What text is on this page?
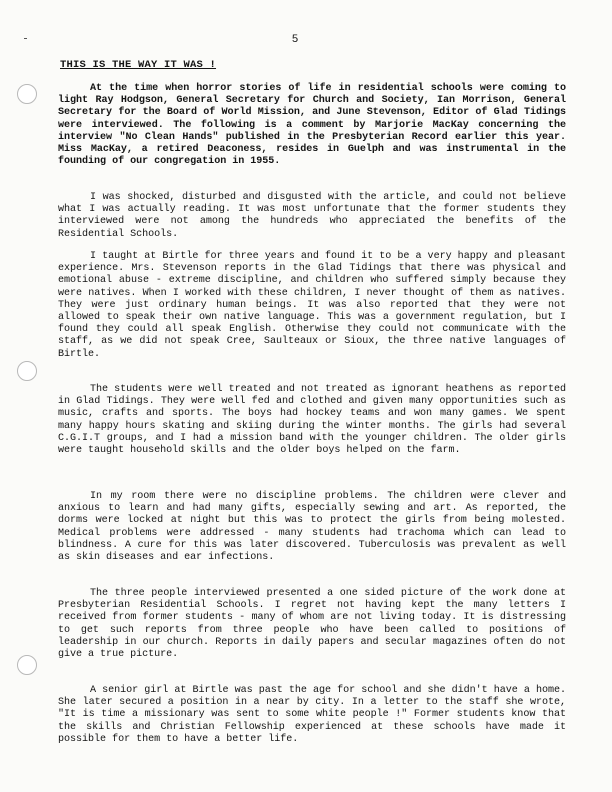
5
THIS IS THE WAY IT WAS !

At the time when horror stories of life in residential schools were coming to light Ray Hodgson, General Secretary for Church and Society, Ian Morrison, General Secretary for the Board of World Mission, and June Stevenson, Editor of Glad Tidings were interviewed. The following is a comment by Marjorie MacKay concerning the interview "No Clean Hands" published in the Presbyterian Record earlier this year. Miss MacKay, a retired Deaconess, resides in Guelph and was instrumental in the founding of our congregation in 1955.

I was shocked, disturbed and disgusted with the article, and could not believe what I was actually reading. It was most unfortunate that the former students they interviewed were not among the hundreds who appreciated the benefits of the Residential Schools.

I taught at Birtle for three years and found it to be a very happy and pleasant experience. Mrs. Stevenson reports in the Glad Tidings that there was physical and emotional abuse - extreme discipline, and children who suffered simply because they were natives. When I worked with these children, I never thought of them as natives. They were just ordinary human beings. It was also reported that they were not allowed to speak their own native language. This was a government regulation, but I found they could all speak English. Otherwise they could not communicate with the staff, as we did not speak Cree, Saulteaux or Sioux, the three native languages of Birtle.

The students were well treated and not treated as ignorant heathens as reported in Glad Tidings. They were well fed and clothed and given many opportunities such as music, crafts and sports. The boys had hockey teams and won many games. We spent many happy hours skating and skiing during the winter months. The girls had several C.G.I.T groups, and I had a mission band with the younger children. The older girls were taught household skills and the older boys helped on the farm.

In my room there were no discipline problems. The children were clever and anxious to learn and had many gifts, especially sewing and art. As reported, the dorms were locked at night but this was to protect the girls from being molested. Medical problems were addressed - many students had trachoma which can lead to blindness. A cure for this was later discovered. Tuberculosis was prevalent as well as skin diseases and ear infections.

The three people interviewed presented a one sided picture of the work done at Presbyterian Residential Schools. I regret not having kept the many letters I received from former students - many of whom are not living today. It is distressing to get such reports from three people who have been called to positions of leadership in our church. Reports in daily papers and secular magazines often do not give a true picture.

A senior girl at Birtle was past the age for school and she didn't have a home. She later secured a position in a near by city. In a letter to the staff she wrote, "It is time a missionary was sent to some white people !" Former students know that the skills and Christian Fellowship experienced at these schools have made it possible for them to have a better life.
